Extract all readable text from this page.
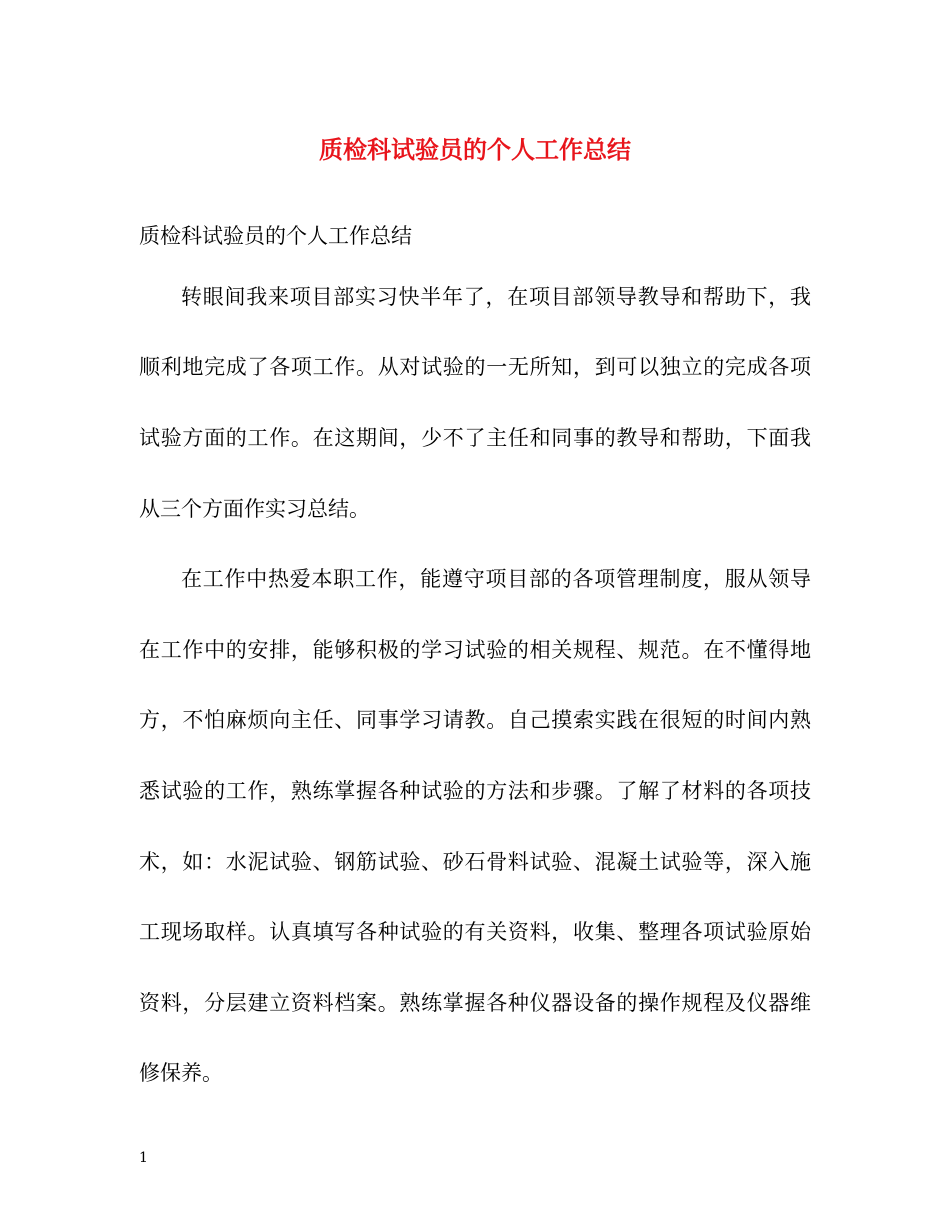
质检科试验员的个人工作总结
质检科试验员的个人工作总结
转眼间我来项目部实习快半年了，在项目部领导教导和帮助下，我
顺利地完成了各项工作。从对试验的一无所知，到可以独立的完成各项
试验方面的工作。在这期间，少不了主任和同事的教导和帮助，下面我
从三个方面作实习总结。
在工作中热爱本职工作，能遵守项目部的各项管理制度，服从领导
在工作中的安排，能够积极的学习试验的相关规程、规范。在不懂得地
方，不怕麻烦向主任、同事学习请教。自己摸索实践在很短的时间内熟
悉试验的工作，熟练掌握各种试验的方法和步骤。了解了材料的各项技
术，如：水泥试验、钢筋试验、砂石骨料试验、混凝土试验等，深入施
工现场取样。认真填写各种试验的有关资料，收集、整理各项试验原始
资料，分层建立资料档案。熟练掌握各种仪器设备的操作规程及仪器维
修保养。
1
